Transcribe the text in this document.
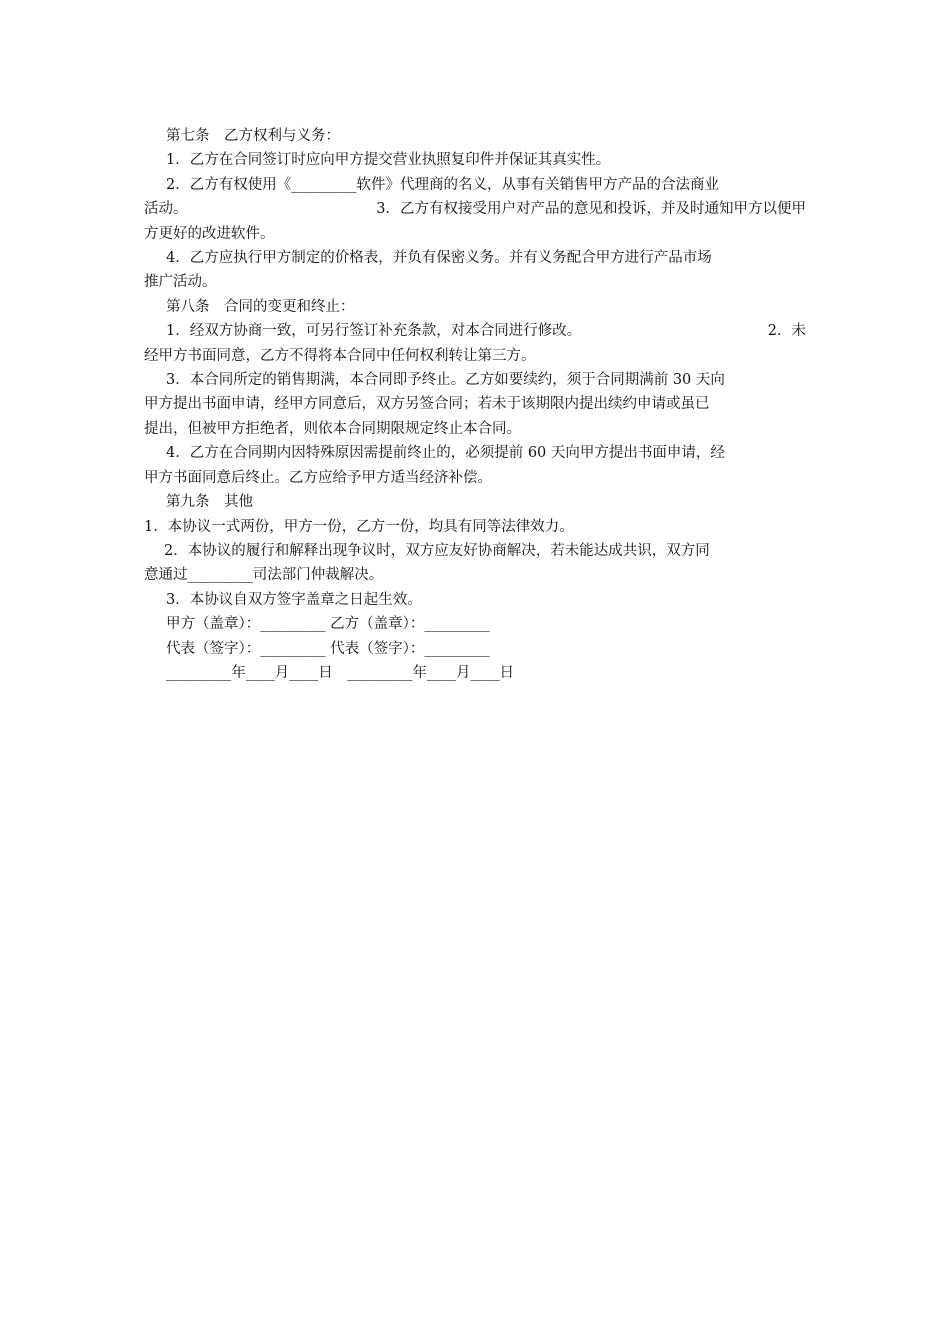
第七条　乙方权利与义务：

1．乙方在合同签订时应向甲方提交营业执照复印件并保证其真实性。

2．乙方有权使用《_________软件》代理商的名义，从事有关销售甲方产品的合法商业

活动。	3．乙方有权接受用户对产品的意见和投诉，并及时通知甲方以便甲

方更好的改进软件。

4．乙方应执行甲方制定的价格表，并负有保密义务。并有义务配合甲方进行产品市场

推广活动。

第八条　合同的变更和终止：

1．经双方协商一致，可另行签订补充条款，对本合同进行修改。	2．未

经甲方书面同意，乙方不得将本合同中任何权利转让第三方。

3．本合同所定的销售期满，本合同即予终止。乙方如要续约，须于合同期满前 30 天向

甲方提出书面申请，经甲方同意后，双方另签合同；若未于该期限内提出续约申请或虽已

提出，但被甲方拒绝者，则依本合同期限规定终止本合同。

4．乙方在合同期内因特殊原因需提前终止的，必须提前 60 天向甲方提出书面申请，经

甲方书面同意后终止。乙方应给予甲方适当经济补偿。

第九条　其他

1．本协议一式两份，甲方一份，乙方一份，均具有同等法律效力。

2．本协议的履行和解释出现争议时，双方应友好协商解决，若未能达成共识，双方同

意通过_________司法部门仲裁解决。

3．本协议自双方签字盖章之日起生效。

甲方（盖章）：_________ 乙方（盖章）：_________

代表（签字）：_________ 代表（签字）：_________

_________年____月____日　_________年____月____日
